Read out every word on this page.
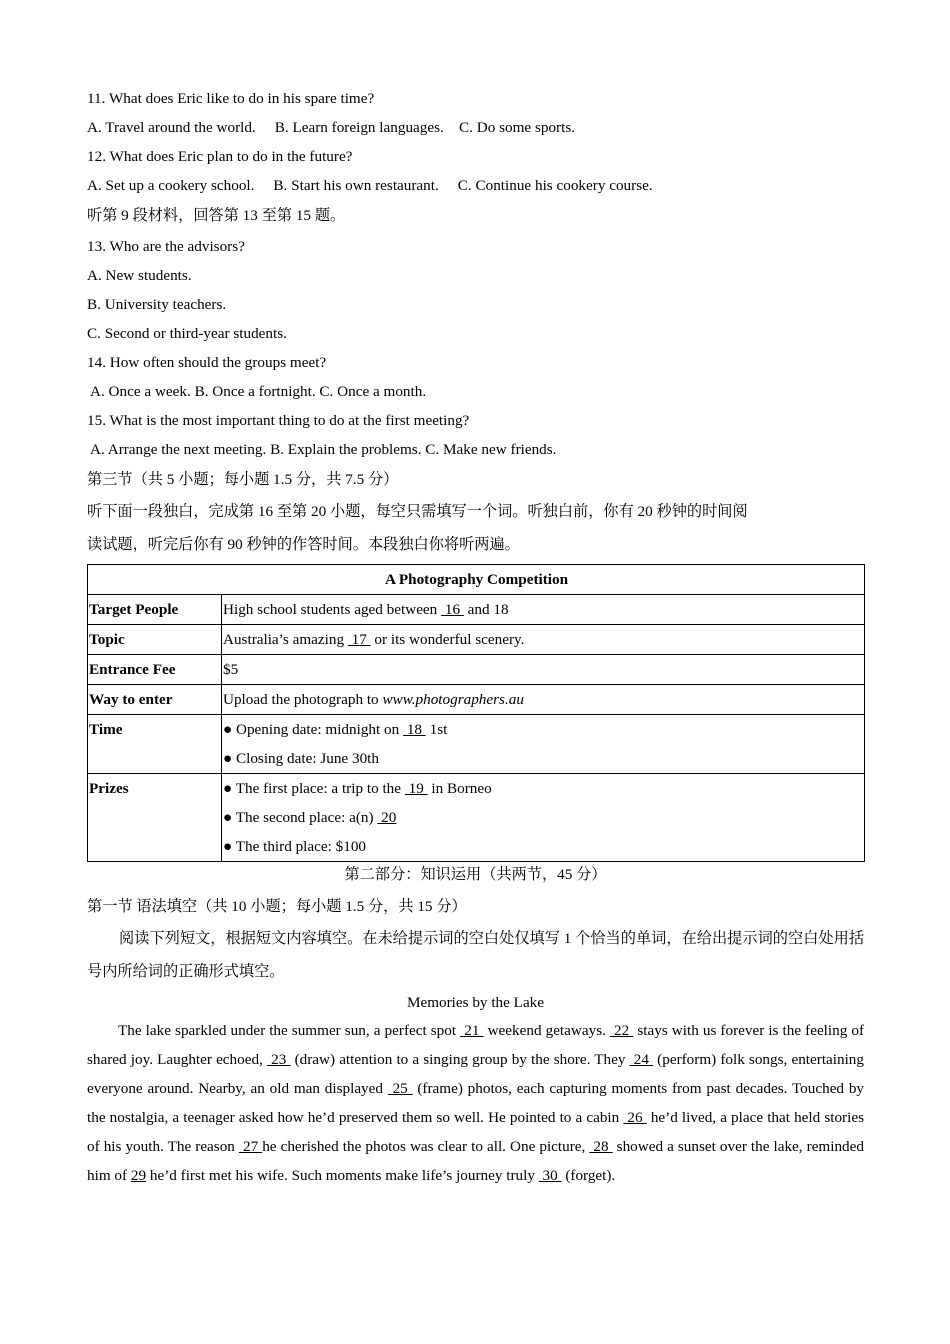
11. What does Eric like to do in his spare time?
A. Travel around the world.     B. Learn foreign languages.    C. Do some sports.
12. What does Eric plan to do in the future?
A. Set up a cookery school.     B. Start his own restaurant.     C. Continue his cookery course.
听第 9 段材料，回答第 13 至第 15 题。
13. Who are the advisors?
A. New students.
B. University teachers.
C. Second or third-year students.
14. How often should the groups meet?
A. Once a week. B. Once a fortnight. C. Once a month.
15. What is the most important thing to do at the first meeting?
A. Arrange the next meeting. B. Explain the problems. C. Make new friends.
第三节（共 5 小题；每小题 1.5 分，共 7.5 分）
听下面一段独白，完成第 16 至第 20 小题，每空只需填写一个词。听独白前，你有 20 秒钟的时间阅
读试题，听完后你有 90 秒钟的作答时间。本段独白你将听两遍。
A Photography Competition	
Target People	High school students aged between  16  and 18
Topic	Australia’s amazing  17  or its wonderful scenery.
Entrance Fee	$5
Way to enter	Upload the photograph to www.photographers.au
Time	● Opening date: midnight on  18  1st
● Closing date: June 30th

Prizes	● The first place: a trip to the  19  in Borneo
● The second place: a(n)  20
● The third place: $100
第二部分：知识运用（共两节，45 分）
第一节 语法填空（共 10 小题；每小题 1.5 分，共 15 分）
阅读下列短文，根据短文内容填空。在未给提示词的空白处仅填写 1 个恰当的单词，在给出提示词的空白处用括号内所给词的正确形式填空。
Memories by the Lake
The lake sparkled under the summer sun, a perfect spot  21  weekend getaways.  22  stays with us forever is the feeling of shared joy. Laughter echoed,  23  (draw) attention to a singing group by the shore. They  24  (perform) folk songs, entertaining everyone around. Nearby, an old man displayed  25  (frame) photos, each capturing moments from past decades. Touched by the nostalgia, a teenager asked how he’d preserved them so well. He pointed to a cabin  26  he’d lived, a place that held stories of his youth. The reason  27 he cherished the photos was clear to all. One picture,  28  showed a sunset over the lake, reminded him of 29 he’d first met his wife. Such moments make life’s journey truly  30  (forget).
